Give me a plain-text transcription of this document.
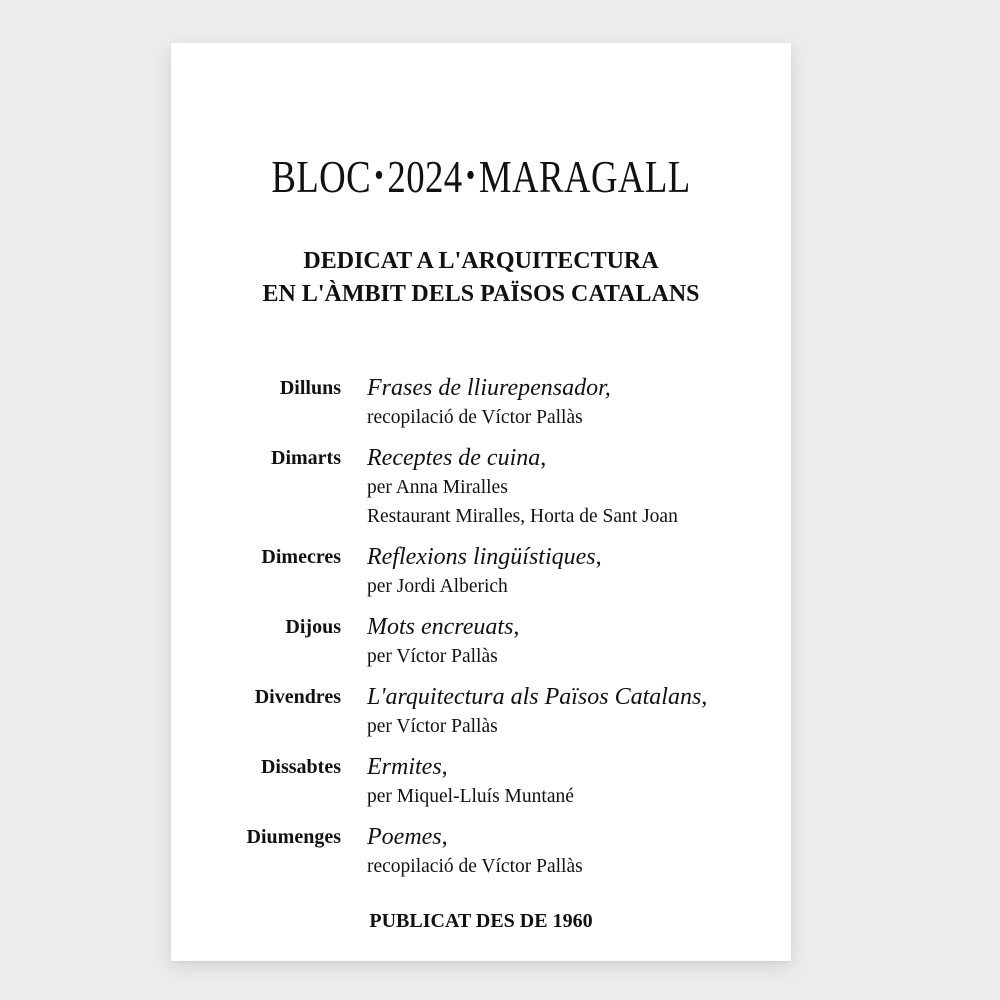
BLOC•2024•MARAGALL
DEDICAT A L'ARQUITECTURA
EN L'ÀMBIT DELS PAÏSOS CATALANS
Dilluns Frases de lliurepensador,
recopilació de Víctor Pallàs
Dimarts Receptes de cuina,
per Anna Miralles
Restaurant Miralles, Horta de Sant Joan
Dimecres Reflexions lingüístiques,
per Jordi Alberich
Dijous Mots encreuats,
per Víctor Pallàs
Divendres L'arquitectura als Països Catalans,
per Víctor Pallàs
Dissabtes Ermites,
per Miquel-Lluís Muntané
Diumenges Poemes,
recopilació de Víctor Pallàs
PUBLICAT DES DE 1960
